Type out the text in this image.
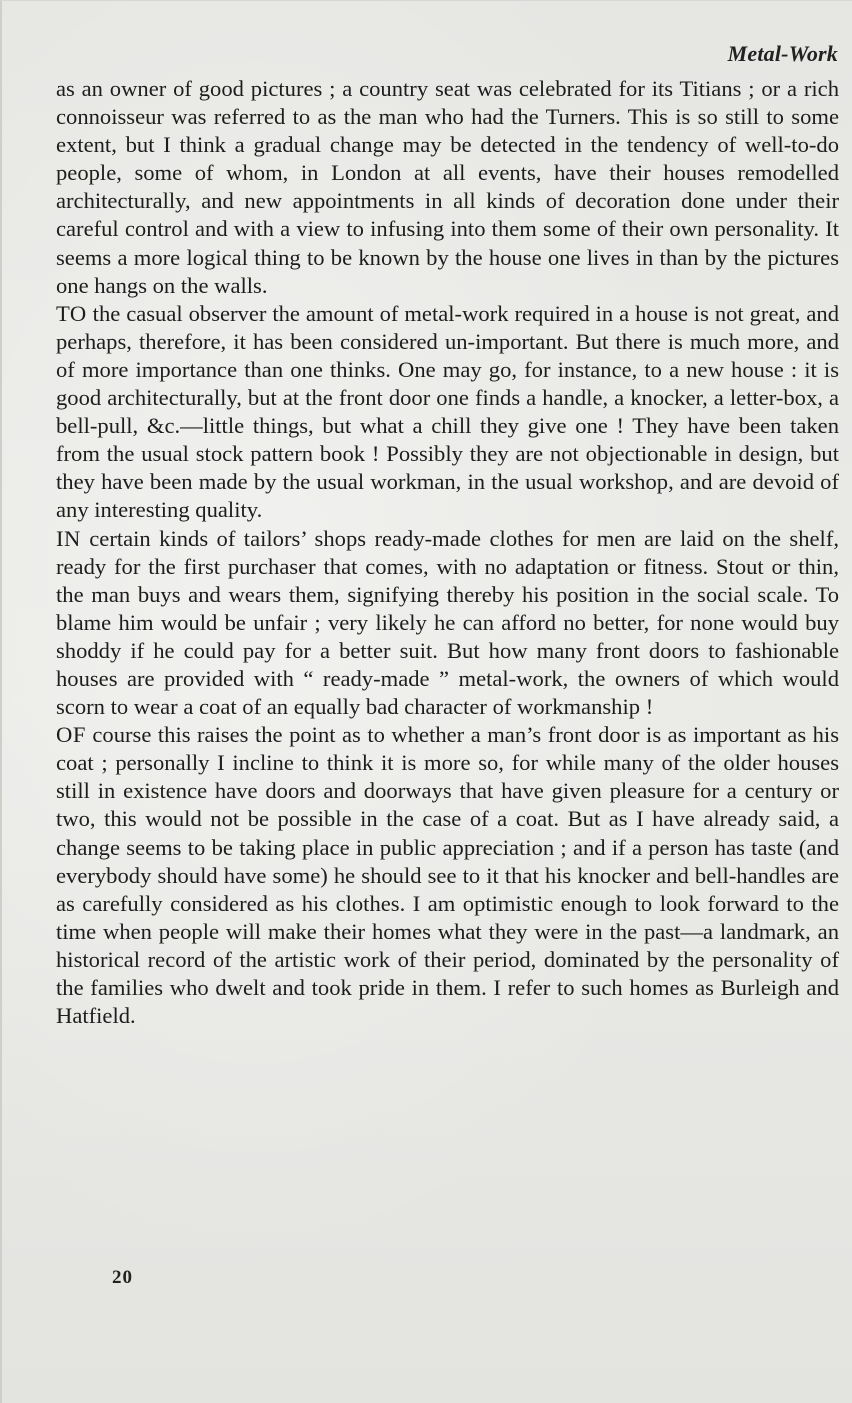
Metal-Work

as an owner of good pictures ; a country seat was celebrated for its Titians ; or a rich connoisseur was referred to as the man who had the Turners. This is so still to some extent, but I think a gradual change may be detected in the tendency of well-to-do people, some of whom, in London at all events, have their houses remodelled architecturally, and new appointments in all kinds of decoration done under their careful control and with a view to infusing into them some of their own personality. It seems a more logical thing to be known by the house one lives in than by the pictures one hangs on the walls.

TO the casual observer the amount of metal-work required in a house is not great, and perhaps, therefore, it has been considered un-important. But there is much more, and of more importance than one thinks. One may go, for instance, to a new house : it is good architecturally, but at the front door one finds a handle, a knocker, a letter-box, a bell-pull, &c.—little things, but what a chill they give one ! They have been taken from the usual stock pattern book ! Possibly they are not objectionable in design, but they have been made by the usual workman, in the usual workshop, and are devoid of any interesting quality.

IN certain kinds of tailors’ shops ready-made clothes for men are laid on the shelf, ready for the first purchaser that comes, with no adaptation or fitness. Stout or thin, the man buys and wears them, signifying thereby his position in the social scale. To blame him would be unfair ; very likely he can afford no better, for none would buy shoddy if he could pay for a better suit. But how many front doors to fashionable houses are provided with “ ready-made ” metal-work, the owners of which would scorn to wear a coat of an equally bad character of workmanship !

OF course this raises the point as to whether a man’s front door is as important as his coat ; personally I incline to think it is more so, for while many of the older houses still in existence have doors and doorways that have given pleasure for a century or two, this would not be possible in the case of a coat. But as I have already said, a change seems to be taking place in public appreciation ; and if a person has taste (and everybody should have some) he should see to it that his knocker and bell-handles are as carefully considered as his clothes. I am optimistic enough to look forward to the time when people will make their homes what they were in the past—a landmark, an historical record of the artistic work of their period, dominated by the personality of the families who dwelt and took pride in them. I refer to such homes as Burleigh and Hatfield.

20
